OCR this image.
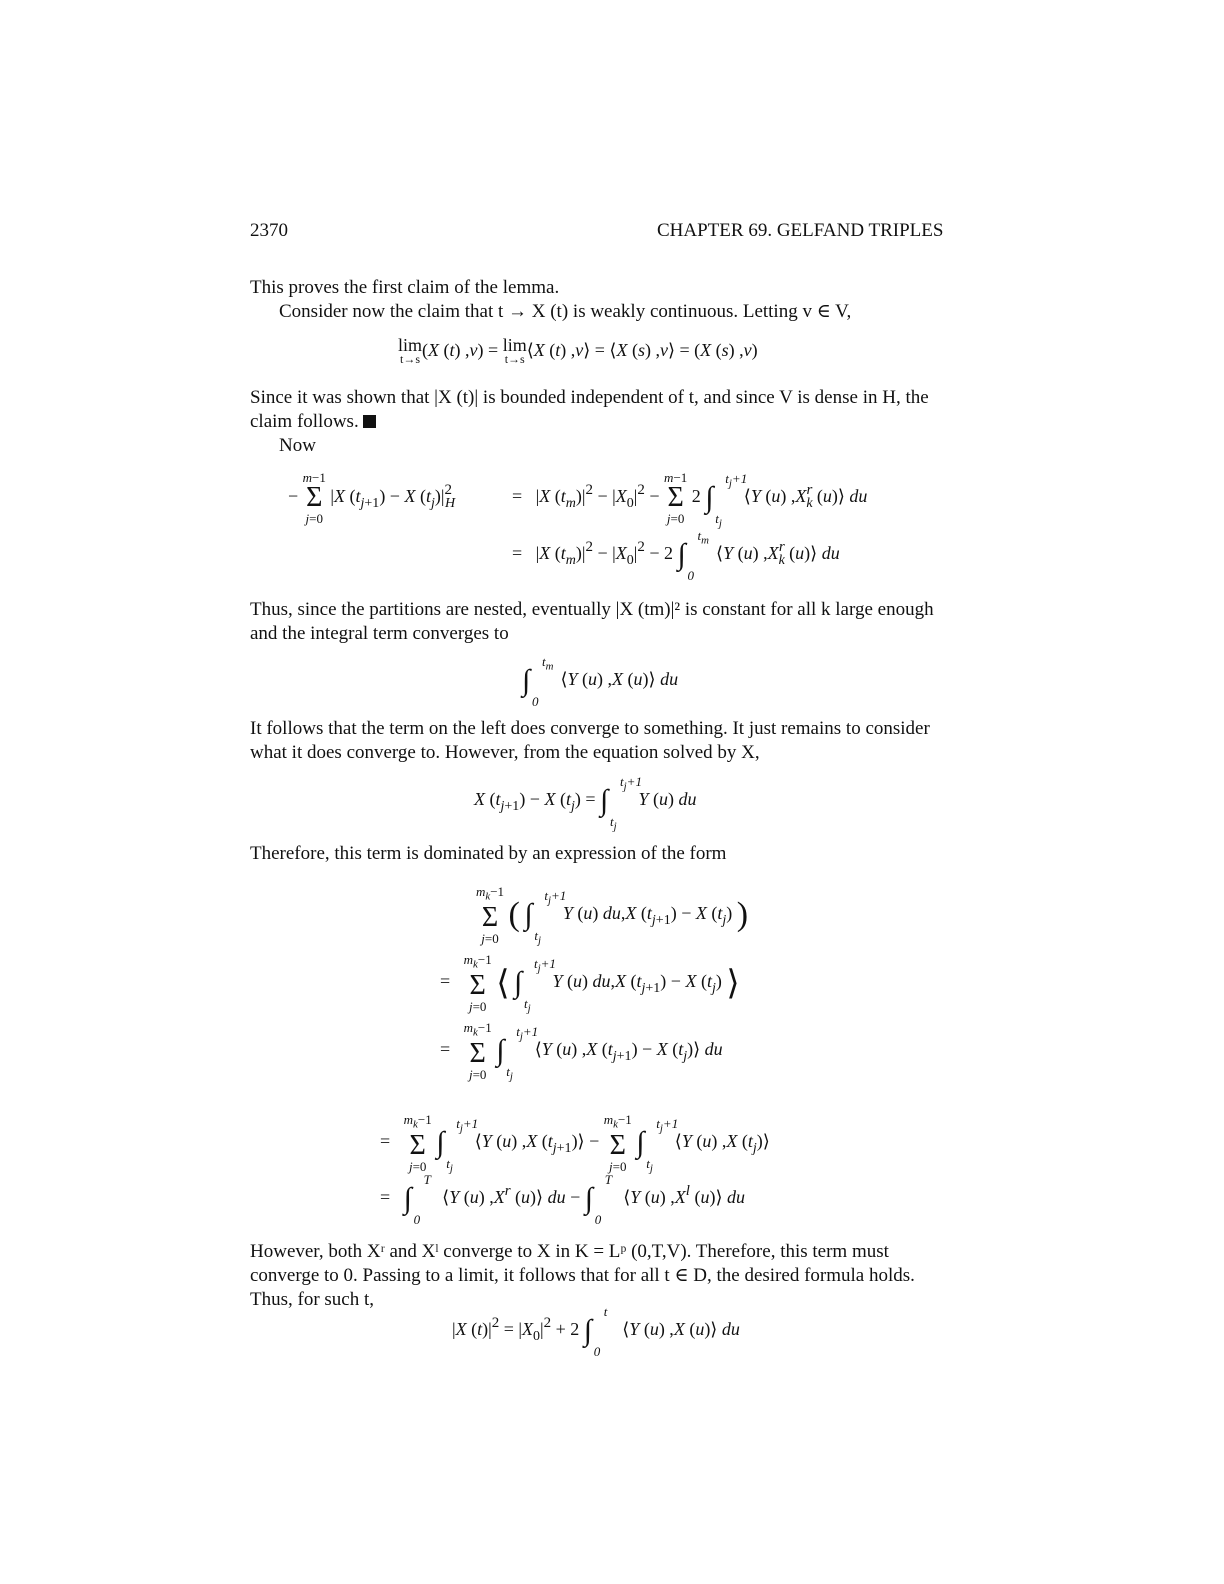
2370	CHAPTER 69. GELFAND TRIPLES
This proves the first claim of the lemma.
Consider now the claim that t → X (t) is weakly continuous. Letting v ∈ V,
lim
t→s (X (t) ,v) = lim
t→s ⟨X (t) ,v⟩ = ⟨X (s) ,v⟩ = (X (s) ,v)
Since it was shown that |X (t)| is bounded independent of t, and since V is dense in H, the
claim follows.
Now
− m−1
Σ
j=0 |X $(t_{j+1}) - X$ $(t_j)|^2_H$	=   |X $(t_m)|^2 - |X_0|^2 - m-1$
Σ
j=0 2 ∫
$t_j+1$
$t_j$
⟨Y (u) $,X_k^r$ (u)⟩ du
=   |X $(t_m)|^2 - |X_0|^2 - 2$ ∫
$t_m$
0
⟨Y (u) $,X_k^r$ (u)⟩ du
Thus, since the partitions are nested, eventually |X (tm)|² is constant for all k large enough
and the integral term converges to
∫
$t_m$
0
⟨Y (u) ,X (u)⟩ du
It follows that the term on the left does converge to something. It just remains to consider
what it does converge to. However, from the equation solved by X,
X $(t_{j+1}) - X$ $(t_j)$ = ∫
$t_j+1$
$t_j$
Y (u) du
Therefore, this term is dominated by an expression of the form
$m_k-1$
Σ
j=0 ( ∫
$t_j+1$
$t_j$
Y (u) du,X $(t_{j+1}) - X$ $(t_j)$ )
=   $m_k-1$
Σ
j=0 ⟨ ∫
$t_j+1$
$t_j$
Y (u) du,X $(t_{j+1}) - X$ $(t_j)$ ⟩
=   $m_k-1$
Σ
j=0 ∫
$t_j+1$
$t_j$
⟨Y (u) ,X $(t_{j+1}) - X$ $(t_j)⟩$ du
=   $m_k-1$
Σ
j=0 ∫
$t_j+1$
$t_j$
⟨Y (u) ,X $(t_{j+1})⟩ - m_k-1$
Σ
j=0 ∫
$t_j+1$
$t_j$
⟨Y (u) ,X $(t_j)⟩$
=   ∫
T
0
⟨Y (u) $,X^r$ (u)⟩ du − ∫
T
0
⟨Y (u) $,X^l$ (u)⟩ du
However, both Xʳ and Xˡ converge to X in K = Lᵖ (0,T,V). Therefore, this term must
converge to 0. Passing to a limit, it follows that for all t ∈ D, the desired formula holds.
Thus, for such t,
|X $(t)|^2 = |X_0|^2 + 2$ ∫
t
0
⟨Y (u) ,X (u)⟩ du
